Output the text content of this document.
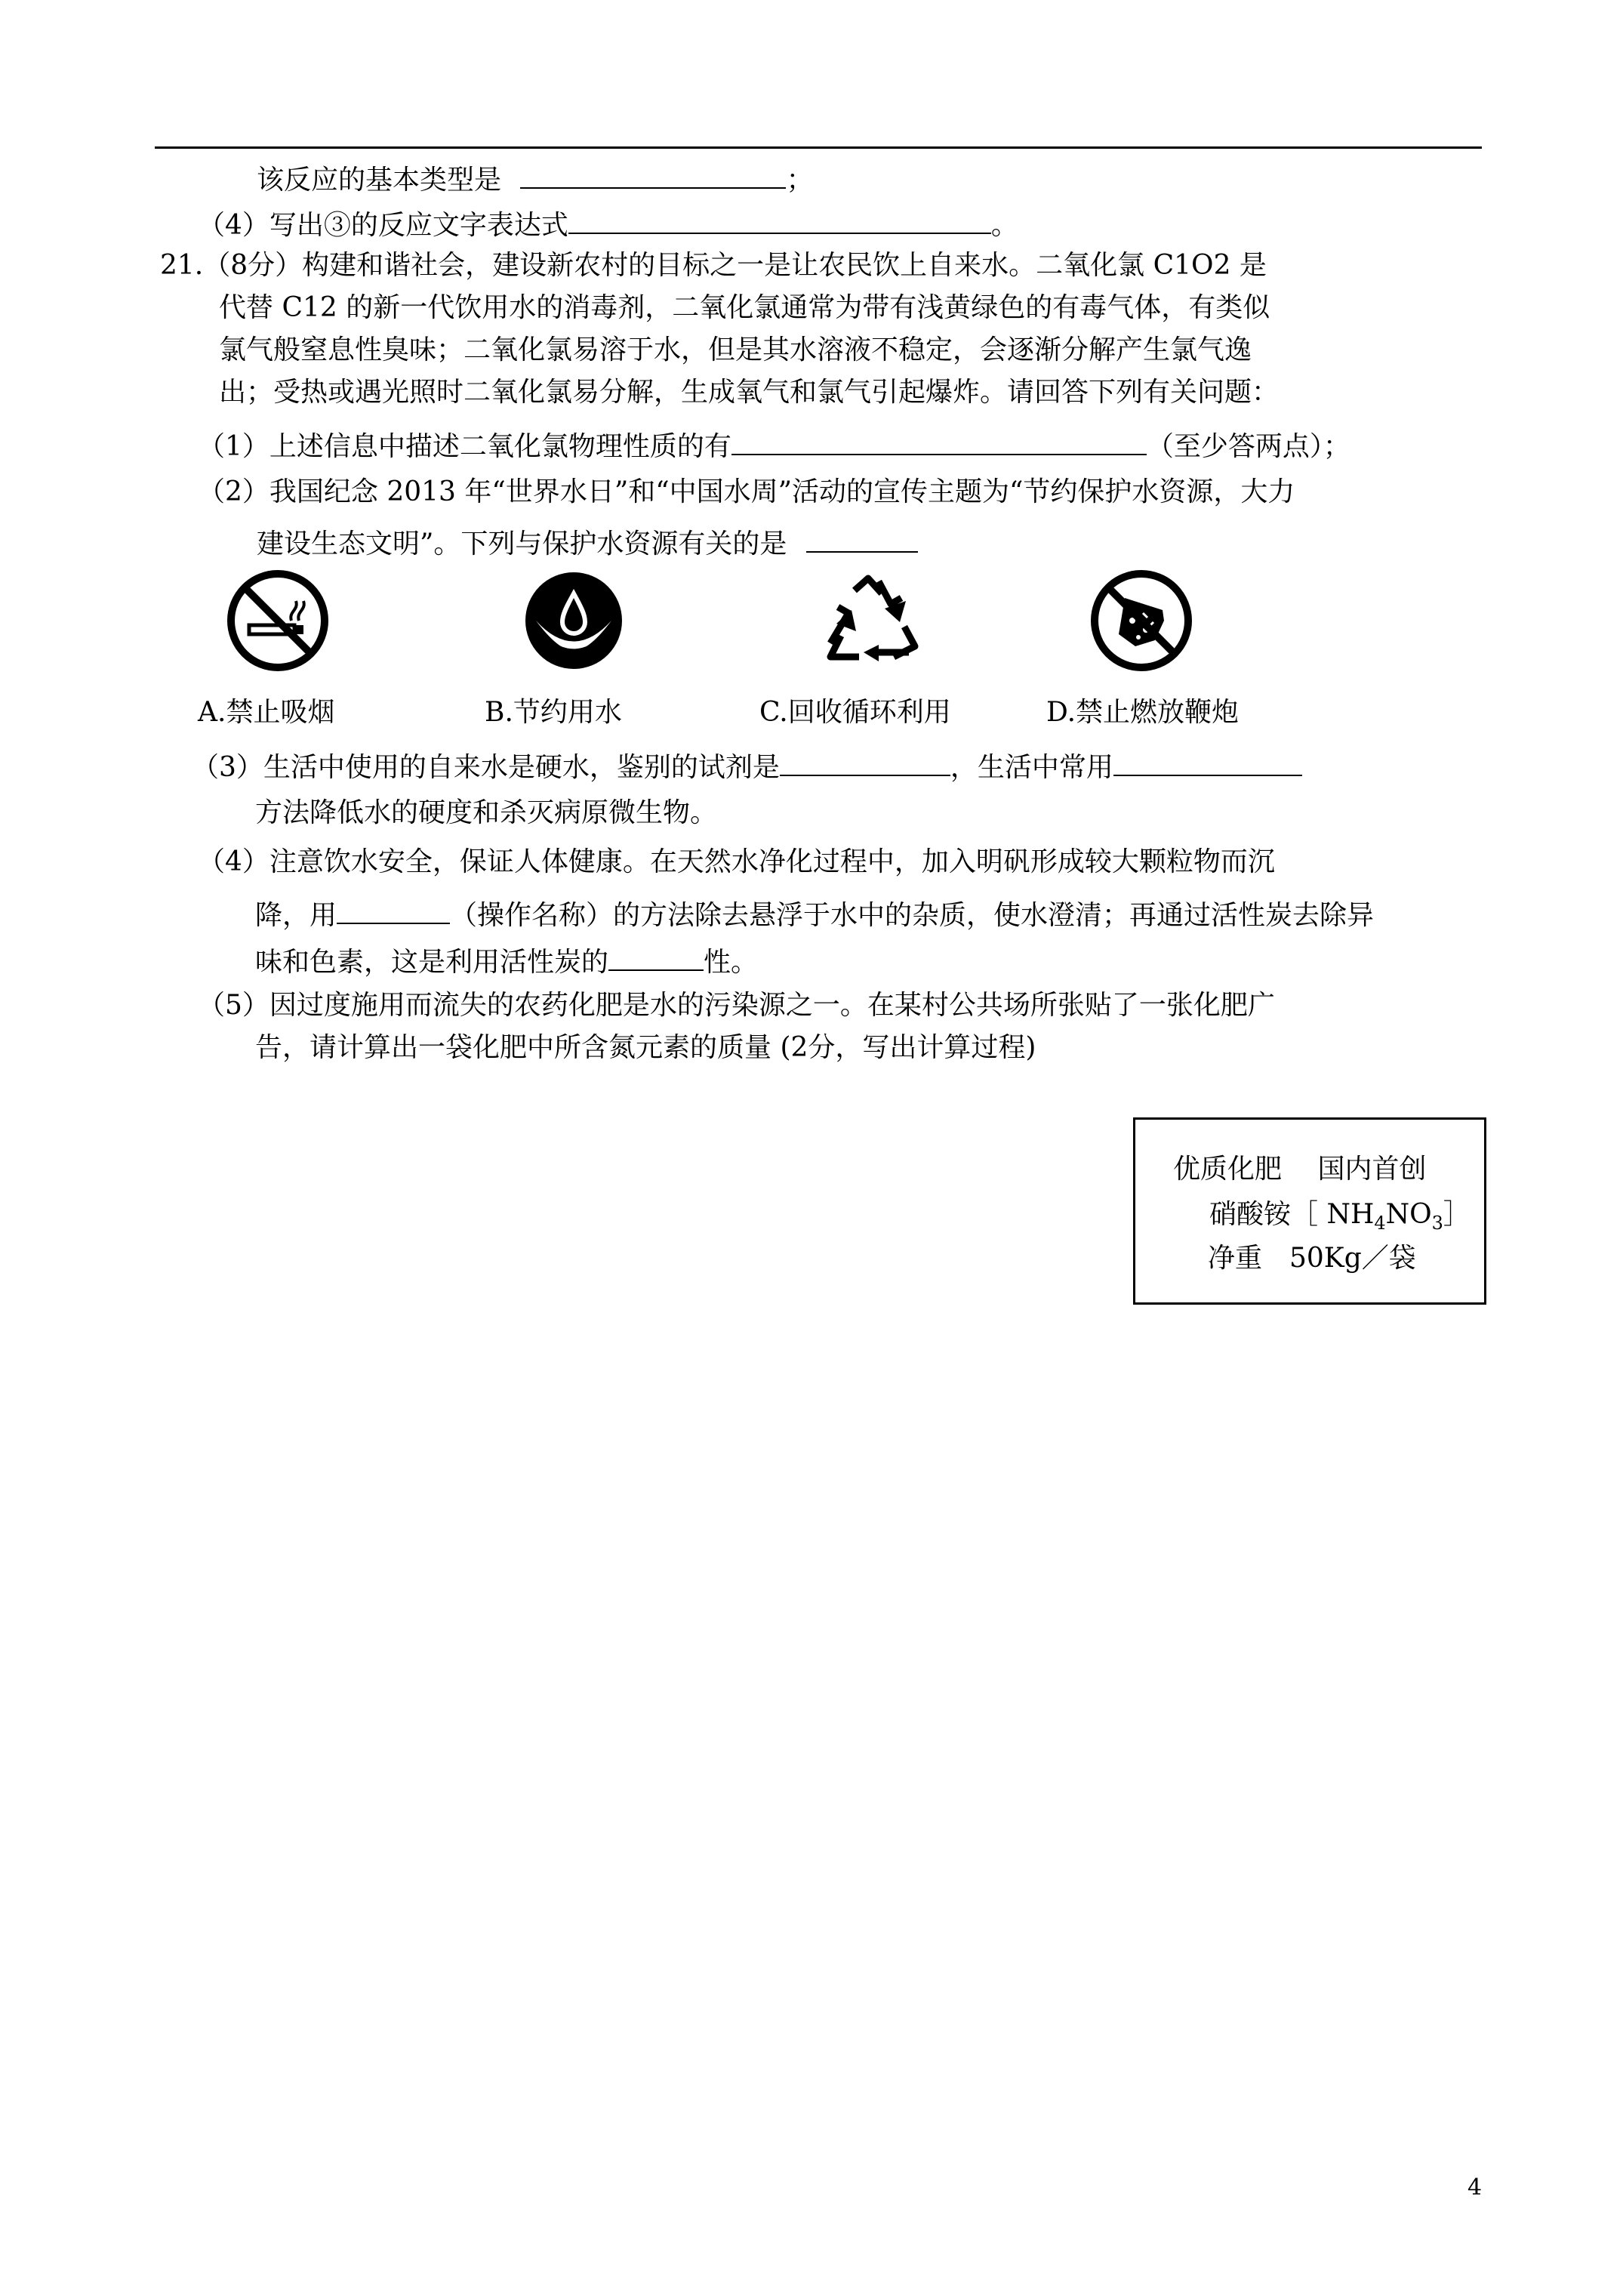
该反应的基本类型是	；
（4）写出③的反应文字表达式	。
21.（8分）构建和谐社会，建设新农村的目标之一是让农民饮上自来水。二氧化氯 C1O2 是
代替 C12 的新一代饮用水的消毒剂，二氧化氯通常为带有浅黄绿色的有毒气体，有类似
氯气般窒息性臭味；二氧化氯易溶于水，但是其水溶液不稳定，会逐渐分解产生氯气逸
出；受热或遇光照时二氧化氯易分解，生成氧气和氯气引起爆炸。请回答下列有关问题：
（1）上述信息中描述二氧化氯物理性质的有	（至少答两点）；
（2）我国纪念 2013 年“世界水日”和“中国水周”活动的宣传主题为“节约保护水资源，大力
建设生态文明”。下列与保护水资源有关的是
A.禁止吸烟	B.节约用水	C.回收循环利用	D.禁止燃放鞭炮
（3）生活中使用的自来水是硬水，鉴别的试剂是	，生活中常用
方法降低水的硬度和杀灭病原微生物。
（4）注意饮水安全，保证人体健康。在天然水净化过程中，加入明矾形成较大颗粒物而沉
降，用	（操作名称）的方法除去悬浮于水中的杂质，使水澄清；再通过活性炭去除异
味和色素，这是利用活性炭的	性。
（5）因过度施用而流失的农药化肥是水的污染源之一。在某村公共场所张贴了一张化肥广
告，请计算出一袋化肥中所含氮元素的质量 (2分，写出计算过程)
优质化肥　 国内首创
硝酸铵［ $NH_4NO_3]$
净重　50Kg／袋
4
